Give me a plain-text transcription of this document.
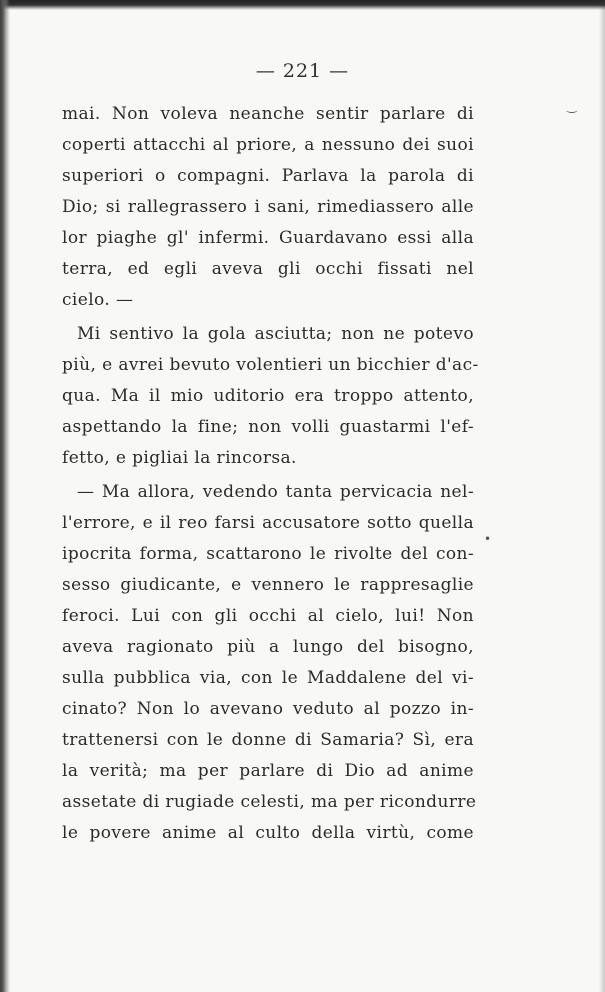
— 221 —
mai. Non voleva neanche sentir parlare di
coperti attacchi al priore, a nessuno dei suoi
superiori o compagni. Parlava la parola di
Dio; si rallegrassero i sani, rimediassero alle
lor piaghe gl' infermi. Guardavano essi alla
terra, ed egli aveva gli occhi fissati nel
cielo. —
Mi sentivo la gola asciutta; non ne potevo
più, e avrei bevuto volentieri un bicchier d'ac-
qua. Ma il mio uditorio era troppo attento,
aspettando la fine; non volli guastarmi l'ef-
fetto, e pigliai la rincorsa.
— Ma allora, vedendo tanta pervicacia nel-
l'errore, e il reo farsi accusatore sotto quella
ipocrita forma, scattarono le rivolte del con-
sesso giudicante, e vennero le rappresaglie
feroci. Lui con gli occhi al cielo, lui! Non
aveva ragionato più a lungo del bisogno,
sulla pubblica via, con le Maddalene del vi-
cinato? Non lo avevano veduto al pozzo in-
trattenersi con le donne di Samaria? Sì, era
la verità; ma per parlare di Dio ad anime
assetate di rugiade celesti, ma per ricondurre
le povere anime al culto della virtù, come
‿
•
